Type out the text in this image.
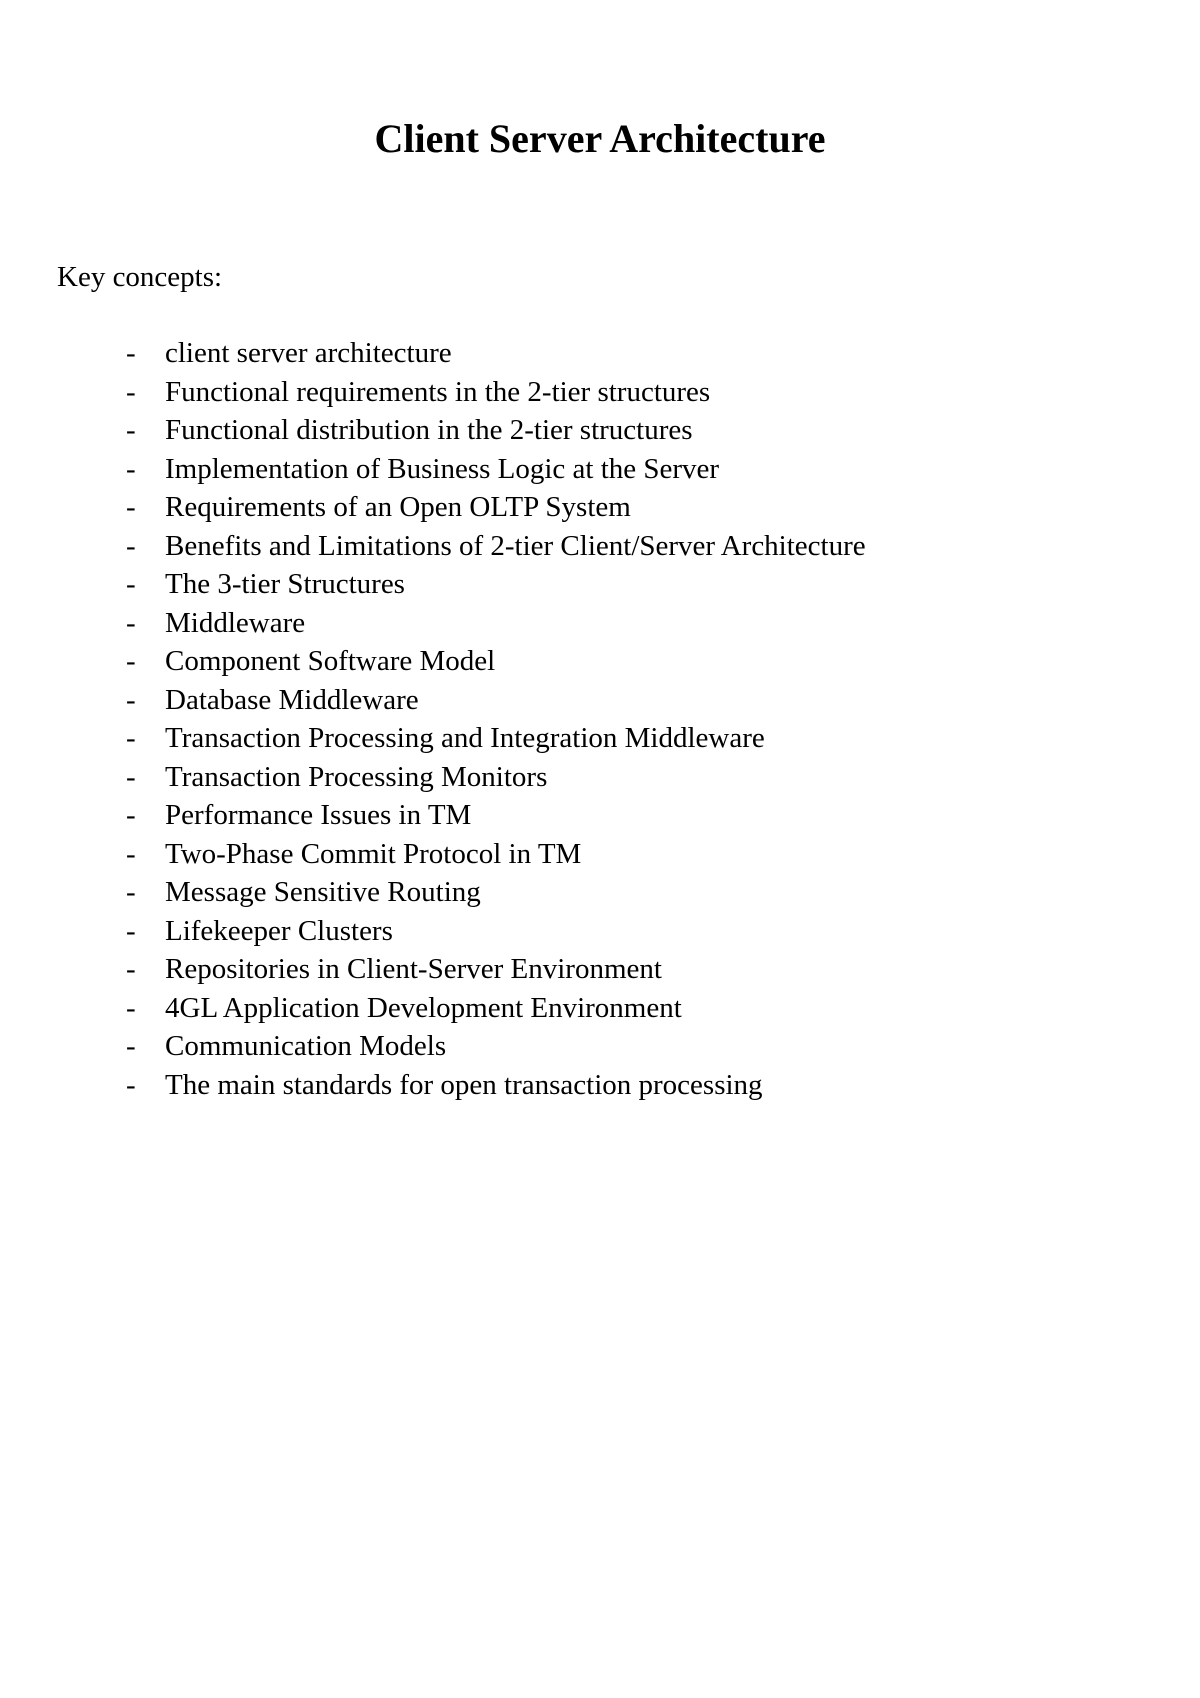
Client Server Architecture

Key concepts:

-	client server architecture
-	Functional requirements in the 2-tier structures
-	Functional distribution in the 2-tier structures
-	Implementation of Business Logic at the Server
-	Requirements of an Open OLTP System
-	Benefits and Limitations of 2-tier Client/Server Architecture
-	The 3-tier Structures
-	Middleware
-	Component Software Model
-	Database Middleware
-	Transaction Processing and Integration Middleware
-	Transaction Processing Monitors
-	Performance Issues in TM
-	Two-Phase Commit Protocol in TM
-	Message Sensitive Routing
-	Lifekeeper Clusters
-	Repositories in Client-Server Environment
-	4GL Application Development Environment
-	Communication Models
-	The main standards for open transaction processing
